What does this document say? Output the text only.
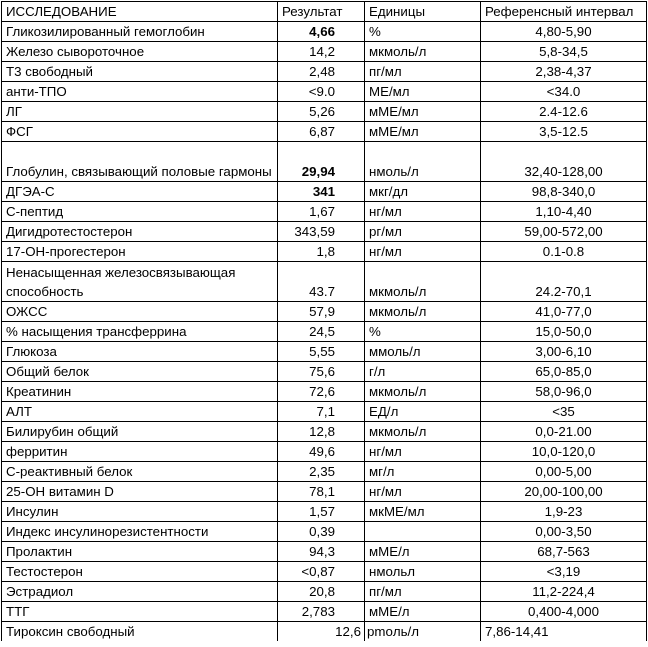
ИССЛЕДОВАНИЕ	Результат	Единицы	Референсный интервал
Гликозилированный гемоглобин	4,66	%	4,80-5,90
Железо сывороточное	14,2	мкмоль/л	5,8-34,5
Т3 свободный	2,48	пг/мл	2,38-4,37
анти-ТПО	<9.0	МЕ/мл	<34.0
ЛГ	5,26	мМЕ/мл	2.4-12.6
ФСГ	6,87	мМЕ/мл	3,5-12.5
Глобулин, связывающий половые гармоны	29,94	нмоль/л	32,40-128,00
ДГЭА-С	341	мкг/дл	98,8-340,0
С-пептид	1,67	нг/мл	1,10-4,40
Дигидротестостерон	343,59	рг/мл	59,00-572,00
17-ОН-прогестерон	1,8	нг/мл	0.1-0.8
Ненасыщенная железосвязывающая способность	43.7	мкмоль/л	24.2-70,1
ОЖСС	57,9	мкмоль/л	41,0-77,0
% насыщения трансферрина	24,5	%	15,0-50,0
Глюкоза	5,55	ммоль/л	3,00-6,10
Общий белок	75,6	г/л	65,0-85,0
Креатинин	72,6	мкмоль/л	58,0-96,0
АЛТ	7,1	ЕД/л	<35
Билирубин общий	12,8	мкмоль/л	0,0-21.00
ферритин	49,6	нг/мл	10,0-120,0
С-реактивный белок	2,35	мг/л	0,00-5,00
25-ОН витамин D	78,1	нг/мл	20,00-100,00
Инсулин	1,57	мкМЕ/мл	1,9-23
Индекс инсулинорезистентности	0,39		0,00-3,50
Пролактин	94,3	мМЕ/л	68,7-563
Тестостерон	<0,87	нмольл	<3,19
Эстрадиол	20,8	пг/мл	11,2-224,4
ТТГ	2,783	мМЕ/л	0,400-4,000
Тироксин свободный	12,6	pmoль/л	7,86-14,41
